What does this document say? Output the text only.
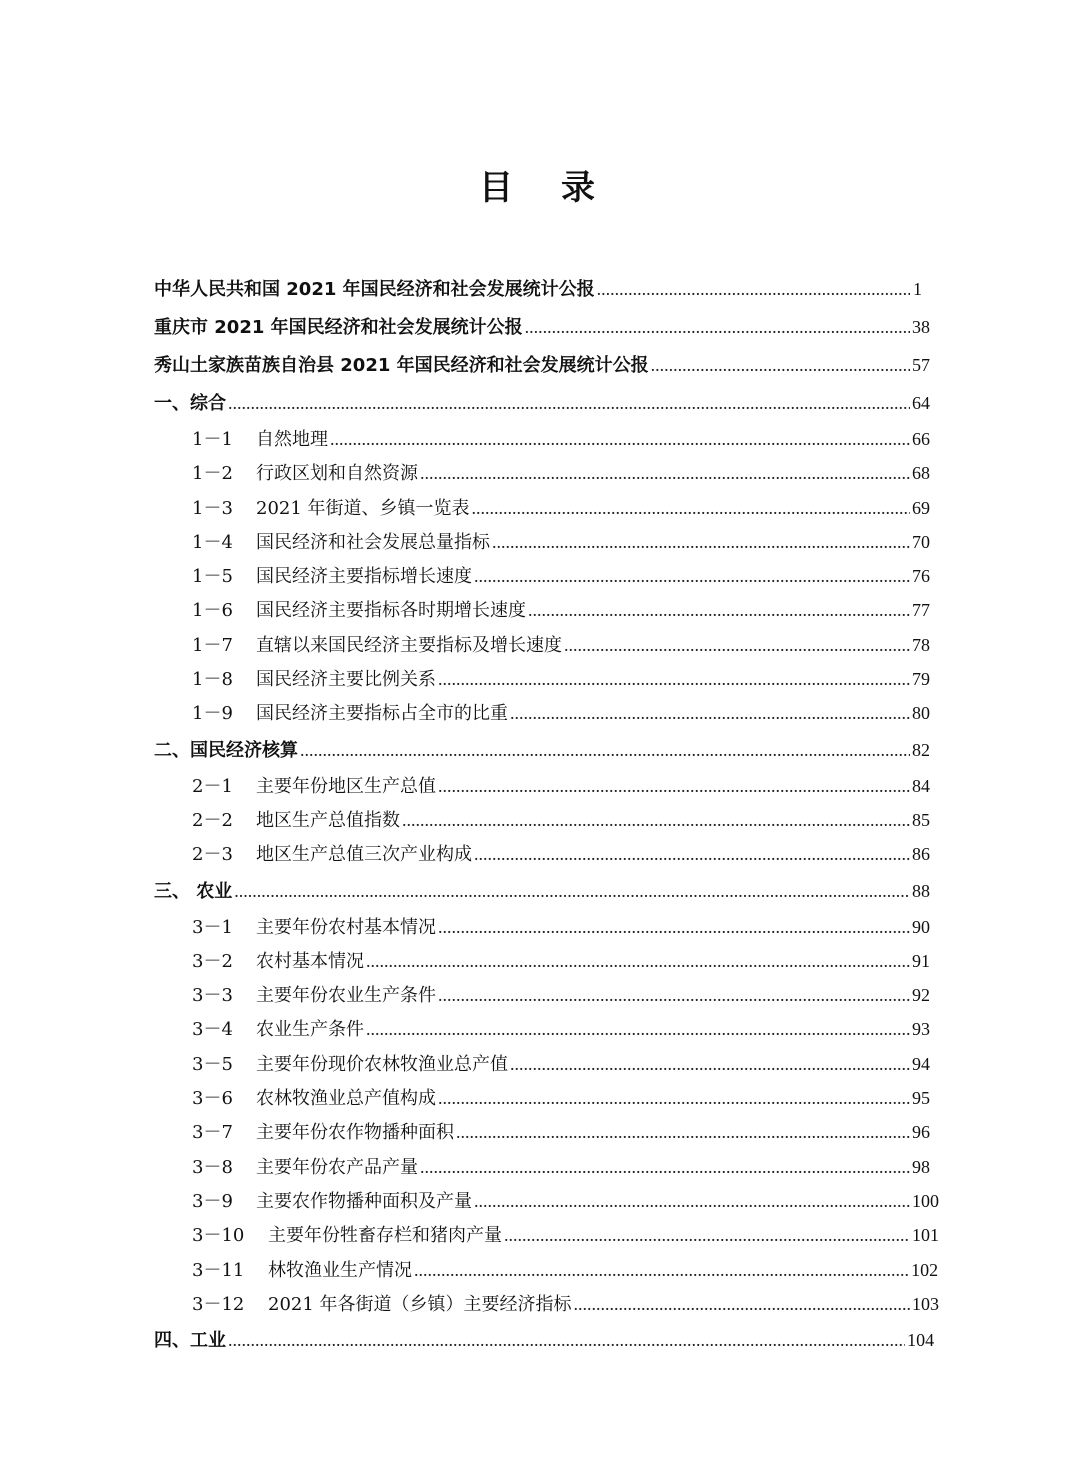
目 录
中华人民共和国 2021 年国民经济和社会发展统计公报 .....	1
重庆市 2021 年国民经济和社会发展统计公报 .....	38
秀山土家族苗族自治县 2021 年国民经济和社会发展统计公报 .....	57
一、综合 .....	64
1－1	自然地理 .....	66
1－2	行政区划和自然资源 .....	68
1－3	2021 年街道、乡镇一览表 .....	69
1－4	国民经济和社会发展总量指标 .....	70
1－5	国民经济主要指标增长速度 .....	76
1－6	国民经济主要指标各时期增长速度 .....	77
1－7	直辖以来国民经济主要指标及增长速度 .....	78
1－8	国民经济主要比例关系 .....	79
1－9	国民经济主要指标占全市的比重 .....	80
二、国民经济核算 .....	82
2－1	主要年份地区生产总值 .....	84
2－2	地区生产总值指数 .....	85
2－3	地区生产总值三次产业构成 .....	86
三、 农业 .....	88
3－1	主要年份农村基本情况 .....	90
3－2	农村基本情况 .....	91
3－3	主要年份农业生产条件 .....	92
3－4	农业生产条件 .....	93
3－5	主要年份现价农林牧渔业总产值 .....	94
3－6	农林牧渔业总产值构成 .....	95
3－7	主要年份农作物播种面积 .....	96
3－8	主要年份农产品产量 .....	98
3－9	主要农作物播种面积及产量 .....	100
3－10	主要年份牲畜存栏和猪肉产量 .....	101
3－11	林牧渔业生产情况 .....	102
3－12	2021 年各街道（乡镇）主要经济指标 .....	103
四、工业 .....	104
